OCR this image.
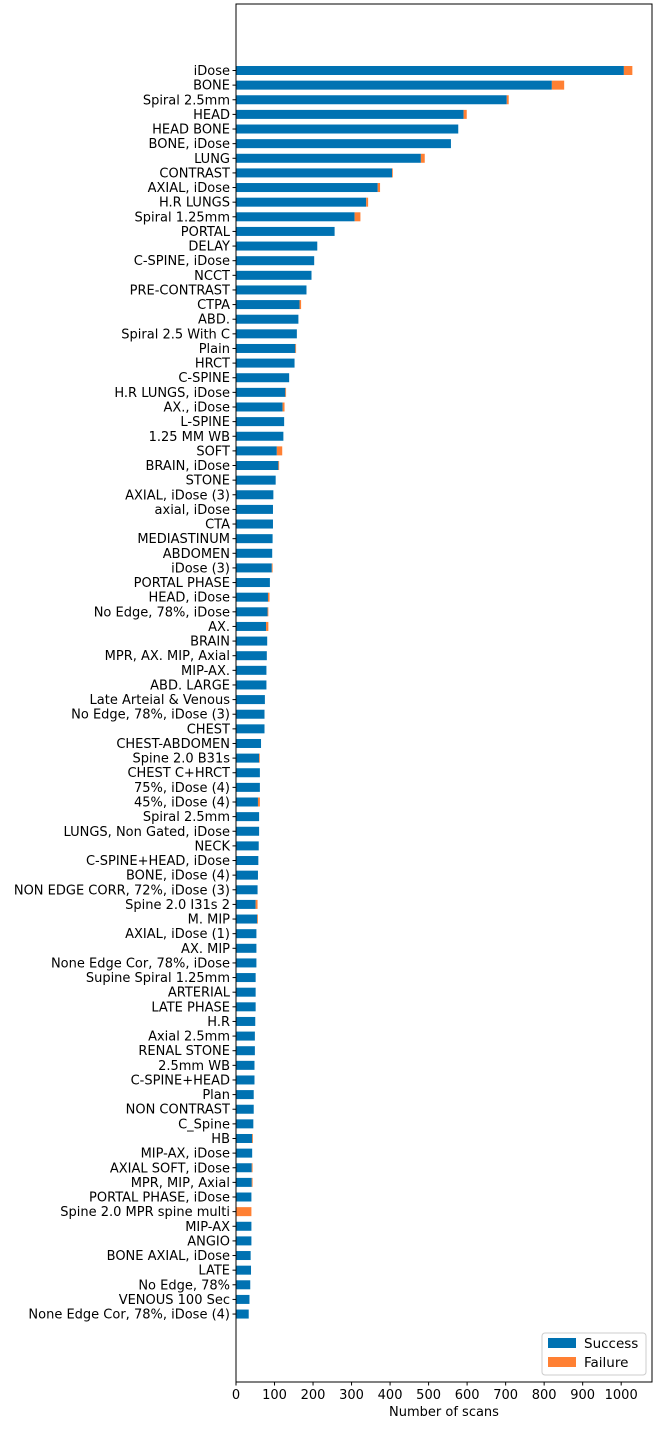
iDose
BONE
Spiral 2.5mm
HEAD
HEAD BONE
BONE, iDose
LUNG
CONTRAST
AXIAL, iDose
H.R LUNGS
Spiral 1.25mm
PORTAL
DELAY
C-SPINE, iDose
NCCT
PRE-CONTRAST
CTPA
ABD.
Spiral 2.5 With C
Plain
HRCT
C-SPINE
H.R LUNGS, iDose
AX., iDose
L-SPINE
1.25 MM WB
SOFT
BRAIN, iDose
STONE
AXIAL, iDose (3)
axial, iDose
CTA
MEDIASTINUM
ABDOMEN
iDose (3)
PORTAL PHASE
HEAD, iDose
No Edge, 78%, iDose
AX.
BRAIN
MPR, AX. MIP, Axial
MIP-AX.
ABD. LARGE
Late Arteial & Venous
No Edge, 78%, iDose (3)
CHEST
CHEST-ABDOMEN
Spine 2.0 B31s
CHEST C+HRCT
75%, iDose (4)
45%, iDose (4)
Spiral 2.5mm
LUNGS, Non Gated, iDose
NECK
C-SPINE+HEAD, iDose
BONE, iDose (4)
NON EDGE CORR, 72%, iDose (3)
Spine 2.0 I31s 2
M. MIP
AXIAL, iDose (1)
AX. MIP
None Edge Cor, 78%, iDose
Supine Spiral 1.25mm
ARTERIAL
LATE PHASE
H.R
Axial 2.5mm
RENAL STONE
2.5mm WB
C-SPINE+HEAD
Plan
NON CONTRAST
C_Spine
HB
MIP-AX, iDose
AXIAL SOFT, iDose
MPR, MIP, Axial
PORTAL PHASE, iDose
Spine 2.0 MPR spine multi
MIP-AX
ANGIO
BONE AXIAL, iDose
LATE
No Edge, 78%
VENOUS 100 Sec
None Edge Cor, 78%, iDose (4)
0 100 200 300 400 500 600 700 800 900 1000
Number of scans
Success
Failure
